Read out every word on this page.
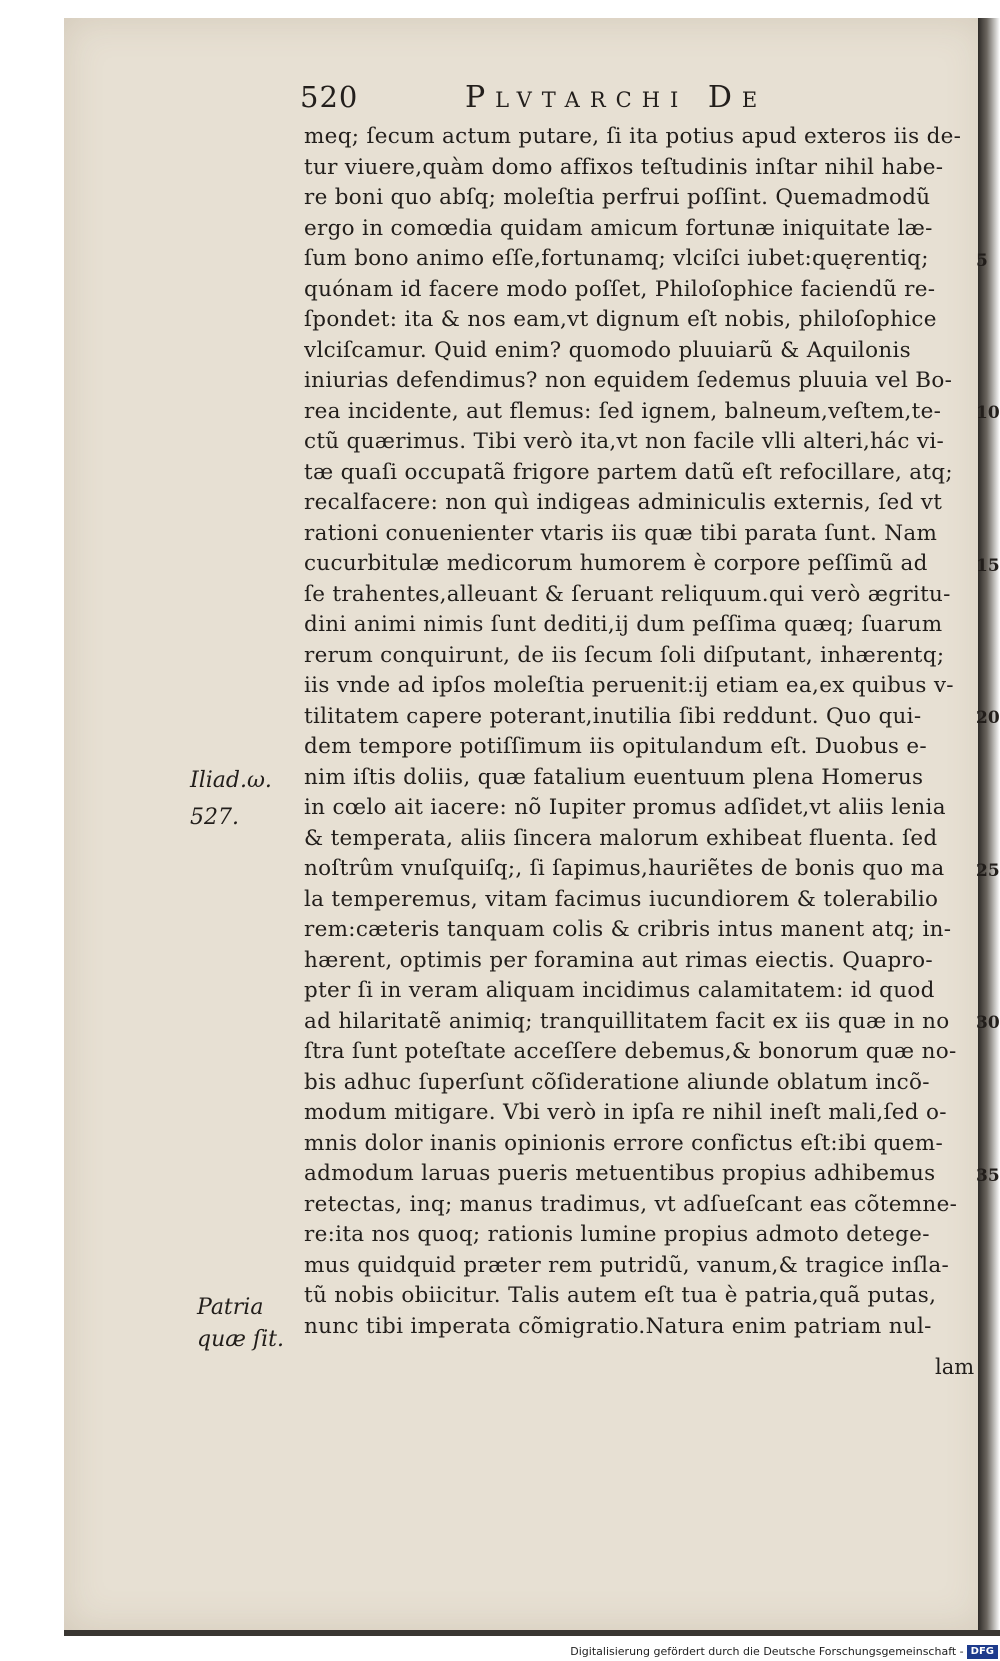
520	Plvtarchi De
meq; ſecum actum putare, ſi ita potius apud exteros iis de-
tur viuere,quàm domo affixos teſtudinis inſtar nihil habe-
re boni quo abſq; moleſtia perfrui poſſint. Quemadmodũ
ergo in comœdia quidam amicum fortunæ iniquitate læ-
ſum bono animo eſſe,fortunamq; vlciſci iubet:quęrentiq;
quónam id facere modo poſſet, Philoſophice faciendũ re-
ſpondet: ita & nos eam,vt dignum eſt nobis, philoſophice
vlciſcamur. Quid enim? quomodo pluuiarũ & Aquilonis
iniurias defendimus? non equidem ſedemus pluuia vel Bo-
rea incidente, aut flemus: ſed ignem, balneum,veſtem,te-
ctũ quærimus. Tibi verò ita,vt non facile vlli alteri,hác vi-
tæ quaſi occupatã frigore partem datũ eſt refocillare, atq;
recalfacere: non quì indigeas adminiculis externis, ſed vt
rationi conuenienter vtaris iis quæ tibi parata ſunt. Nam
cucurbitulæ medicorum humorem è corpore peſſimũ ad
ſe trahentes,alleuant & ſeruant reliquum.qui verò ægritu-
dini animi nimis ſunt dediti,ij dum peſſima quæq; ſuarum
rerum conquirunt, de iis ſecum ſoli diſputant, inhærentq;
iis vnde ad ipſos moleſtia peruenit:ij etiam ea,ex quibus v-
tilitatem capere poterant,inutilia ſibi reddunt. Quo qui-
dem tempore potiſſimum iis opitulandum eſt. Duobus e-
nim iſtis doliis, quæ fatalium euentuum plena Homerus
in cœlo ait iacere: nõ Iupiter promus adſidet,vt aliis lenia
& temperata, aliis ſincera malorum exhibeat fluenta. ſed
noſtrûm vnuſquiſq;, ſi ſapimus,hauriẽtes de bonis quo ma
la temperemus, vitam facimus iucundiorem & tolerabilio
rem:cæteris tanquam colis & cribris intus manent atq; in-
hærent, optimis per foramina aut rimas eiectis. Quapro-
pter ſi in veram aliquam incidimus calamitatem: id quod
ad hilaritatẽ animiq; tranquillitatem facit ex iis quæ in no
ſtra ſunt poteſtate acceſſere debemus,& bonorum quæ no-
bis adhuc ſuperſunt cõſideratione aliunde oblatum incõ-
modum mitigare. Vbi verò in ipſa re nihil ineſt mali,ſed o-
mnis dolor inanis opinionis errore confictus eſt:ibi quem-
admodum laruas pueris metuentibus propius adhibemus
retectas, inq; manus tradimus, vt adſueſcant eas cõtemne-
re:ita nos quoq; rationis lumine propius admoto detege-
mus quidquid præter rem putridũ, vanum,& tragice inſla-
tũ nobis obiicitur. Talis autem eſt tua è patria,quã putas,
nunc tibi imperata cõmigratio.Natura enim patriam nul-
lam
5
10
15
20
25
30
35
Iliad.ω.
527.
Patria
quæ ſit.
Digitalisierung gefördert durch die Deutsche Forschungsgemeinschaft - DFG
